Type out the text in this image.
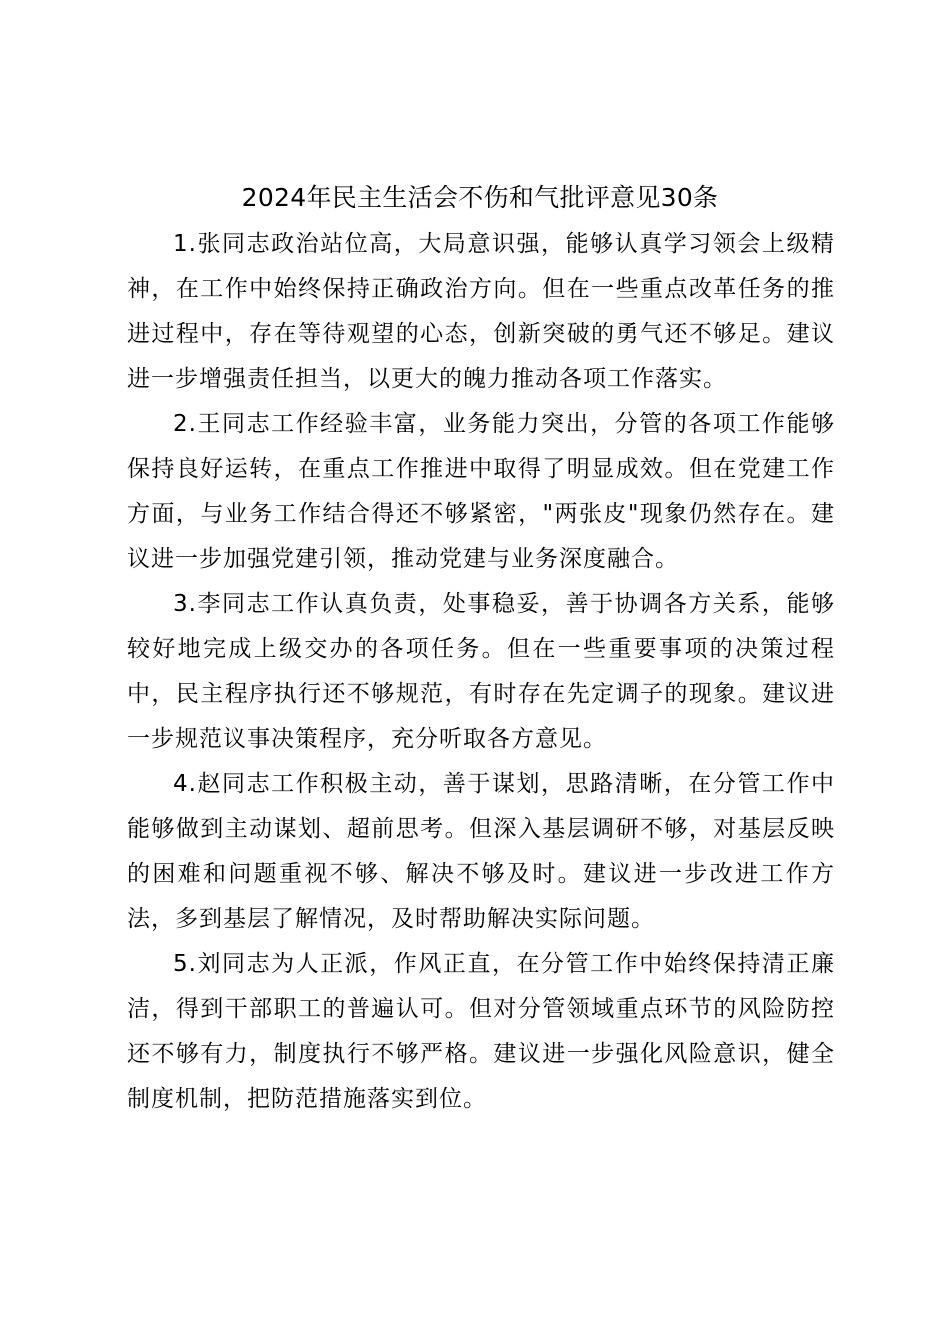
2024年民主生活会不伤和气批评意见30条

1.张同志政治站位高，大局意识强，能够认真学习领会上级精神，在工作中始终保持正确政治方向。但在一些重点改革任务的推进过程中，存在等待观望的心态，创新突破的勇气还不够足。建议进一步增强责任担当，以更大的魄力推动各项工作落实。

2.王同志工作经验丰富，业务能力突出，分管的各项工作能够保持良好运转，在重点工作推进中取得了明显成效。但在党建工作方面，与业务工作结合得还不够紧密，"两张皮"现象仍然存在。建议进一步加强党建引领，推动党建与业务深度融合。

3.李同志工作认真负责，处事稳妥，善于协调各方关系，能够较好地完成上级交办的各项任务。但在一些重要事项的决策过程中，民主程序执行还不够规范，有时存在先定调子的现象。建议进一步规范议事决策程序，充分听取各方意见。

4.赵同志工作积极主动，善于谋划，思路清晰，在分管工作中能够做到主动谋划、超前思考。但深入基层调研不够，对基层反映的困难和问题重视不够、解决不够及时。建议进一步改进工作方法，多到基层了解情况，及时帮助解决实际问题。

5.刘同志为人正派，作风正直，在分管工作中始终保持清正廉洁，得到干部职工的普遍认可。但对分管领域重点环节的风险防控还不够有力，制度执行不够严格。建议进一步强化风险意识，健全制度机制，把防范措施落实到位。
